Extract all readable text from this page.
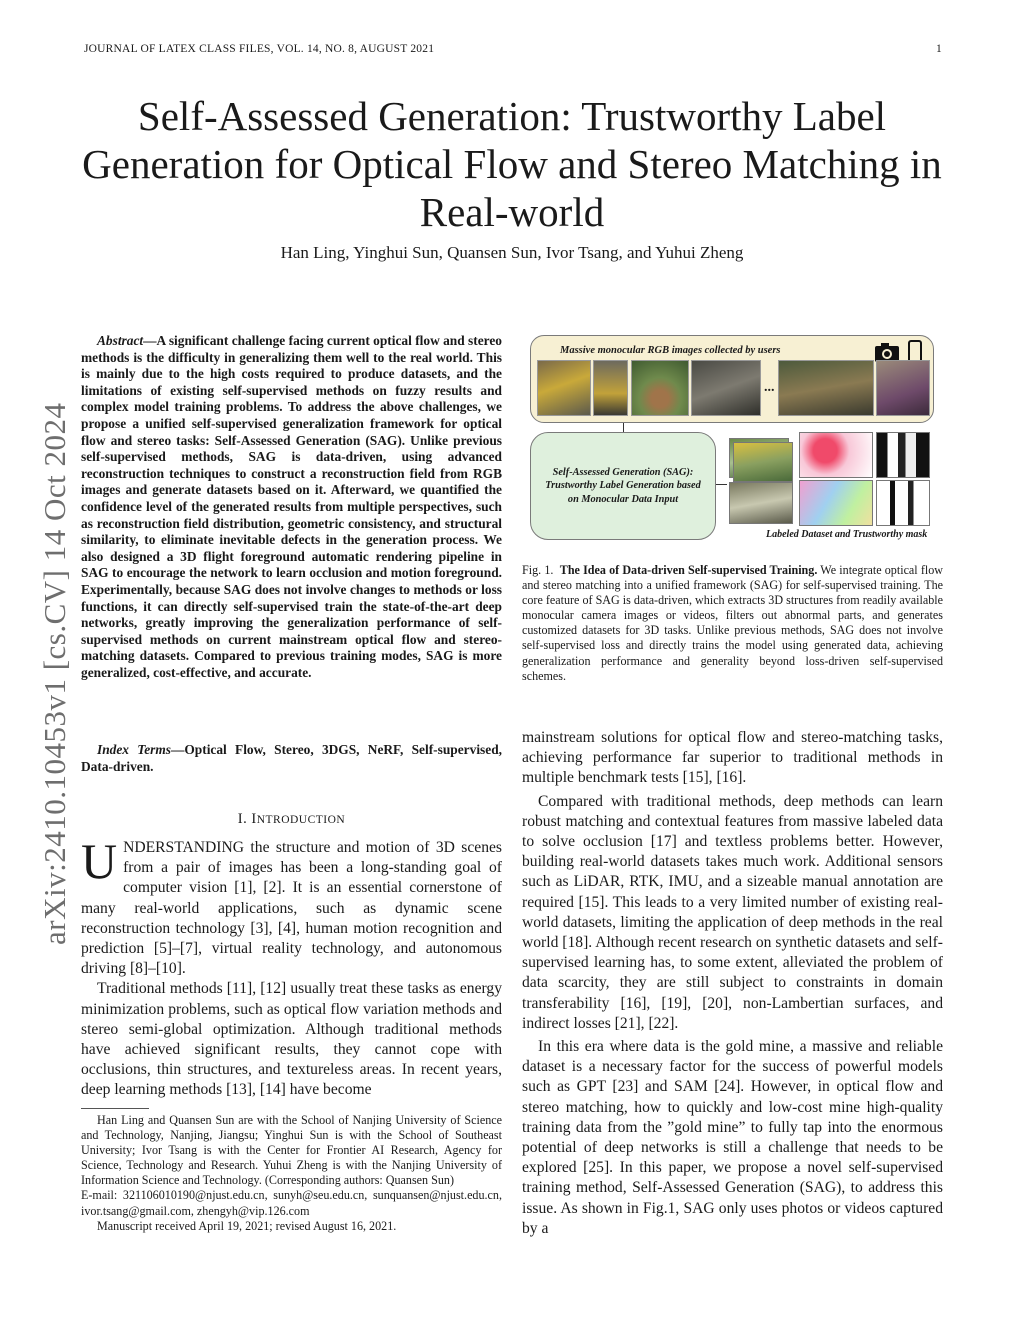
JOURNAL OF LATEX CLASS FILES, VOL. 14, NO. 8, AUGUST 2021	1
Self-Assessed Generation: Trustworthy Label Generation for Optical Flow and Stereo Matching in Real-world
Han Ling, Yinghui Sun, Quansen Sun, Ivor Tsang, and Yuhui Zheng
arXiv:2410.10453v1 [cs.CV] 14 Oct 2024
Abstract—A significant challenge facing current optical flow and stereo methods is the difficulty in generalizing them well to the real world. This is mainly due to the high costs required to produce datasets, and the limitations of existing self-supervised methods on fuzzy results and complex model training problems. To address the above challenges, we propose a unified self-supervised generalization framework for optical flow and stereo tasks: Self-Assessed Generation (SAG). Unlike previous self-supervised methods, SAG is data-driven, using advanced reconstruction techniques to construct a reconstruction field from RGB images and generate datasets based on it. Afterward, we quantified the confidence level of the generated results from multiple perspectives, such as reconstruction field distribution, geometric consistency, and structural similarity, to eliminate inevitable defects in the generation process. We also designed a 3D flight foreground automatic rendering pipeline in SAG to encourage the network to learn occlusion and motion foreground. Experimentally, because SAG does not involve changes to methods or loss functions, it can directly self-supervised train the state-of-the-art deep networks, greatly improving the generalization performance of self-supervised methods on current mainstream optical flow and stereo-matching datasets. Compared to previous training modes, SAG is more generalized, cost-effective, and accurate.
Index Terms—Optical Flow, Stereo, 3DGS, NeRF, Self-supervised, Data-driven.
I. INTRODUCTION

UNDERSTANDING the structure and motion of 3D scenes from a pair of images has been a long-standing goal of computer vision [1], [2]. It is an essential cornerstone of many real-world applications, such as dynamic scene reconstruction technology [3], [4], human motion recognition and prediction [5]–[7], virtual reality technology, and autonomous driving [8]–[10].

Traditional methods [11], [12] usually treat these tasks as energy minimization problems, such as optical flow variation methods and stereo semi-global optimization. Although traditional methods have achieved significant results, they cannot cope with occlusions, thin structures, and textureless areas. In recent years, deep learning methods [13], [14] have become

Han Ling and Quansen Sun are with the School of Nanjing University of Science and Technology, Nanjing, Jiangsu; Yinghui Sun is with the School of Southeast University; Ivor Tsang is with the Center for Frontier AI Research, Agency for Science, Technology and Research. Yuhui Zheng is with the Nanjing University of Information Science and Technology. (Corresponding authors: Quansen Sun)

E-mail: 321106010190@njust.edu.cn, sunyh@seu.edu.cn, sunquansen@njust.edu.cn, ivor.tsang@gmail.com, zhengyh@vip.126.com

Manuscript received April 19, 2021; revised August 16, 2021.

Massive monocular RGB images collected by users
...
Self-Assessed Generation (SAG): Trustworthy Label Generation based on Monocular Data Input
Labeled Dataset and Trustworthy mask
Fig. 1. The Idea of Data-driven Self-supervised Training. We integrate optical flow and stereo matching into a unified framework (SAG) for self-supervised training. The core feature of SAG is data-driven, which extracts 3D structures from readily available monocular camera images or videos, filters out abnormal parts, and generates customized datasets for 3D tasks. Unlike previous methods, SAG does not involve self-supervised loss and directly trains the model using generated data, achieving generalization performance and generality beyond loss-driven self-supervised schemes.

mainstream solutions for optical flow and stereo-matching tasks, achieving performance far superior to traditional methods in multiple benchmark tests [15], [16].

Compared with traditional methods, deep methods can learn robust matching and contextual features from massive labeled data to solve occlusion [17] and textless problems better. However, building real-world datasets takes much work. Additional sensors such as LiDAR, RTK, IMU, and a sizeable manual annotation are required [15]. This leads to a very limited number of existing real-world datasets, limiting the application of deep methods in the real world [18]. Although recent research on synthetic datasets and self-supervised learning has, to some extent, alleviated the problem of data scarcity, they are still subject to constraints in domain transferability [16], [19], [20], non-Lambertian surfaces, and indirect losses [21], [22].

In this era where data is the gold mine, a massive and reliable dataset is a necessary factor for the success of powerful models such as GPT [23] and SAM [24]. However, in optical flow and stereo matching, how to quickly and low-cost mine high-quality training data from the ”gold mine” to fully tap into the enormous potential of deep networks is still a challenge that needs to be explored [25]. In this paper, we propose a novel self-supervised training method, Self-Assessed Generation (SAG), to address this issue. As shown in Fig.1, SAG only uses photos or videos captured by a
